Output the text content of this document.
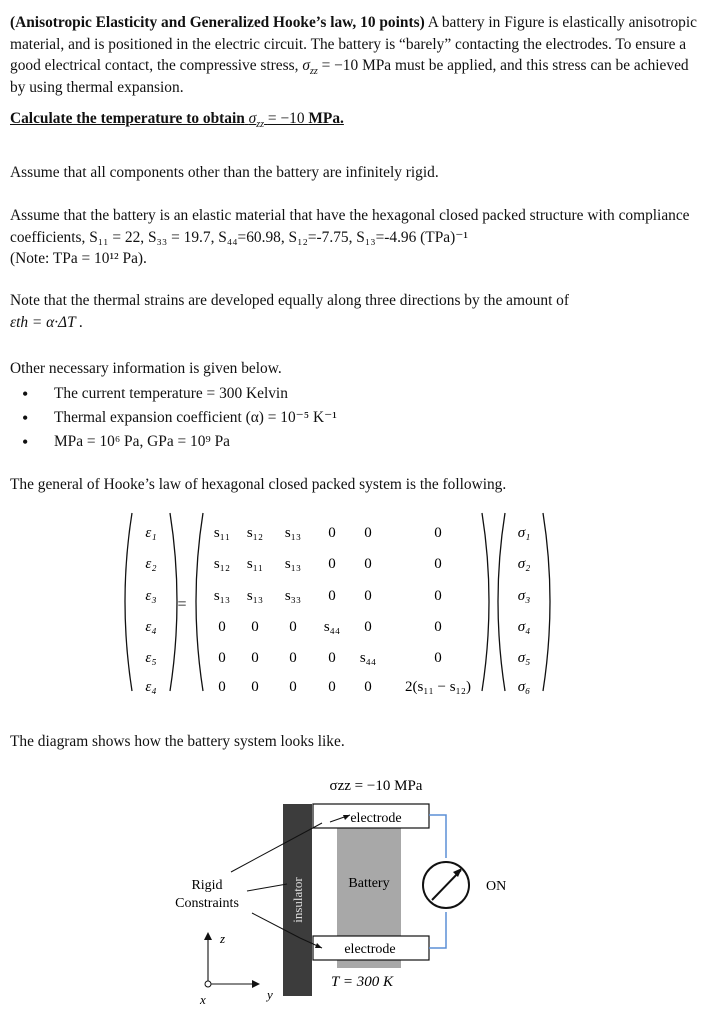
(Anisotropic Elasticity and Generalized Hooke’s law, 10 points) A battery in Figure is elastically anisotropic material, and is positioned in the electric circuit. The battery is “barely” contacting the electrodes. To ensure a good electrical contact, the compressive stress, $\sigma_{zz} = -10$ MPa must be applied, and this stress can be achieved by using thermal expansion.
Calculate the temperature to obtain $\sigma_{zz} = -10$ MPa.
Assume that all components other than the battery are infinitely rigid.
Assume that the battery is an elastic material that have the hexagonal closed packed structure with compliance coefficients, S₁₁ = 22, S₃₃ = 19.7, S₄₄=60.98, S₁₂=-7.75, S₁₃=-4.96 (TPa)⁻¹
(Note: TPa = 10¹² Pa).
Note that the thermal strains are developed equally along three directions by the amount of
εth = α·ΔT .
Other necessary information is given below.
• The current temperature = 300 Kelvin
• Thermal expansion coefficient (α) = 10⁻⁵ K⁻¹
• MPa = 10⁶ Pa, GPa = 10⁹ Pa
The general of Hooke’s law of hexagonal closed packed system is the following.
ε₁
ε₂
ε₃
ε₄
ε₅
ε₄
=
s₁₁ s₁₂ s₁₃ 0 0	0
s₁₂ s₁₁ s₁₃ 0 0	0
s₁₃ s₁₃ s₃₃ 0 0	0
0 0 0 s₄₄ 0	0
0 0 0 0 s₄₄	0
0 0 0 0 0 2(s₁₁ − s₁₂)
σ₁
σ₂
σ₃
σ₄
σ₅
σ₆
The diagram shows how the battery system looks like.
σzz = −10 MPa
insulator	Battery
electrode
electrode
ON
Rigid
Constraints
z
y
x
T = 300 K
